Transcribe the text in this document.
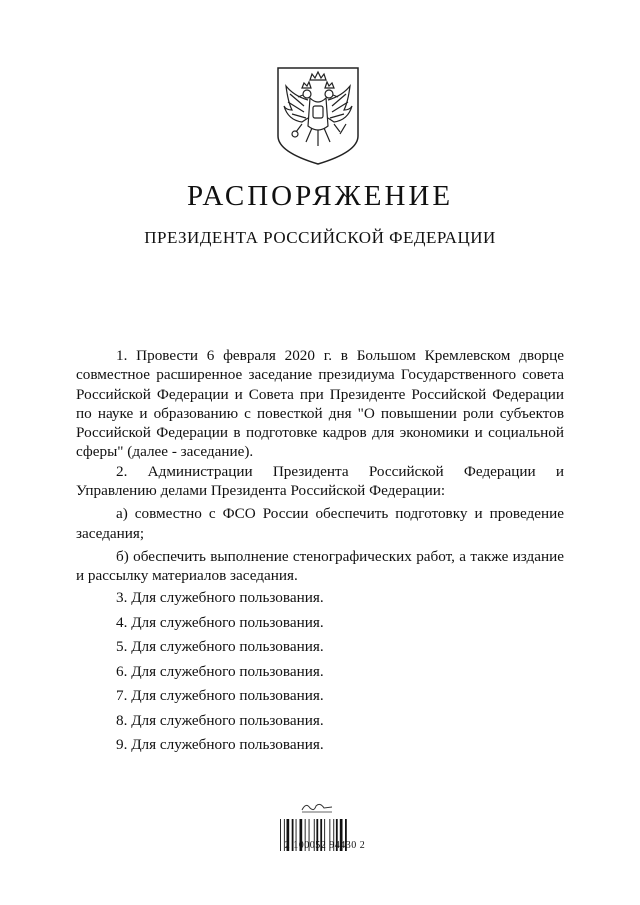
РАСПОРЯЖЕНИЕ
ПРЕЗИДЕНТА РОССИЙСКОЙ ФЕДЕРАЦИИ

1. Провести 6 февраля 2020 г. в Большом Кремлевском дворце совместное расширенное заседание президиума Государственного совета Российской Федерации и Совета при Президенте Российской Федерации по науке и образованию с повесткой дня "О повышении роли субъектов Российской Федерации в подготовке кадров для экономики и социальной сферы" (далее - заседание).

2. Администрации Президента Российской Федерации и Управлению делами Президента Российской Федерации:

а) совместно с ФСО России обеспечить подготовку и проведение заседания;

б) обеспечить выполнение стенографических работ, а также издание и рассылку материалов заседания.

3. Для служебного пользования.
4. Для служебного пользования.
5. Для служебного пользования.
6. Для служебного пользования.
7. Для служебного пользования.
8. Для служебного пользования.
9. Для служебного пользования.
2 100052 94430 2
